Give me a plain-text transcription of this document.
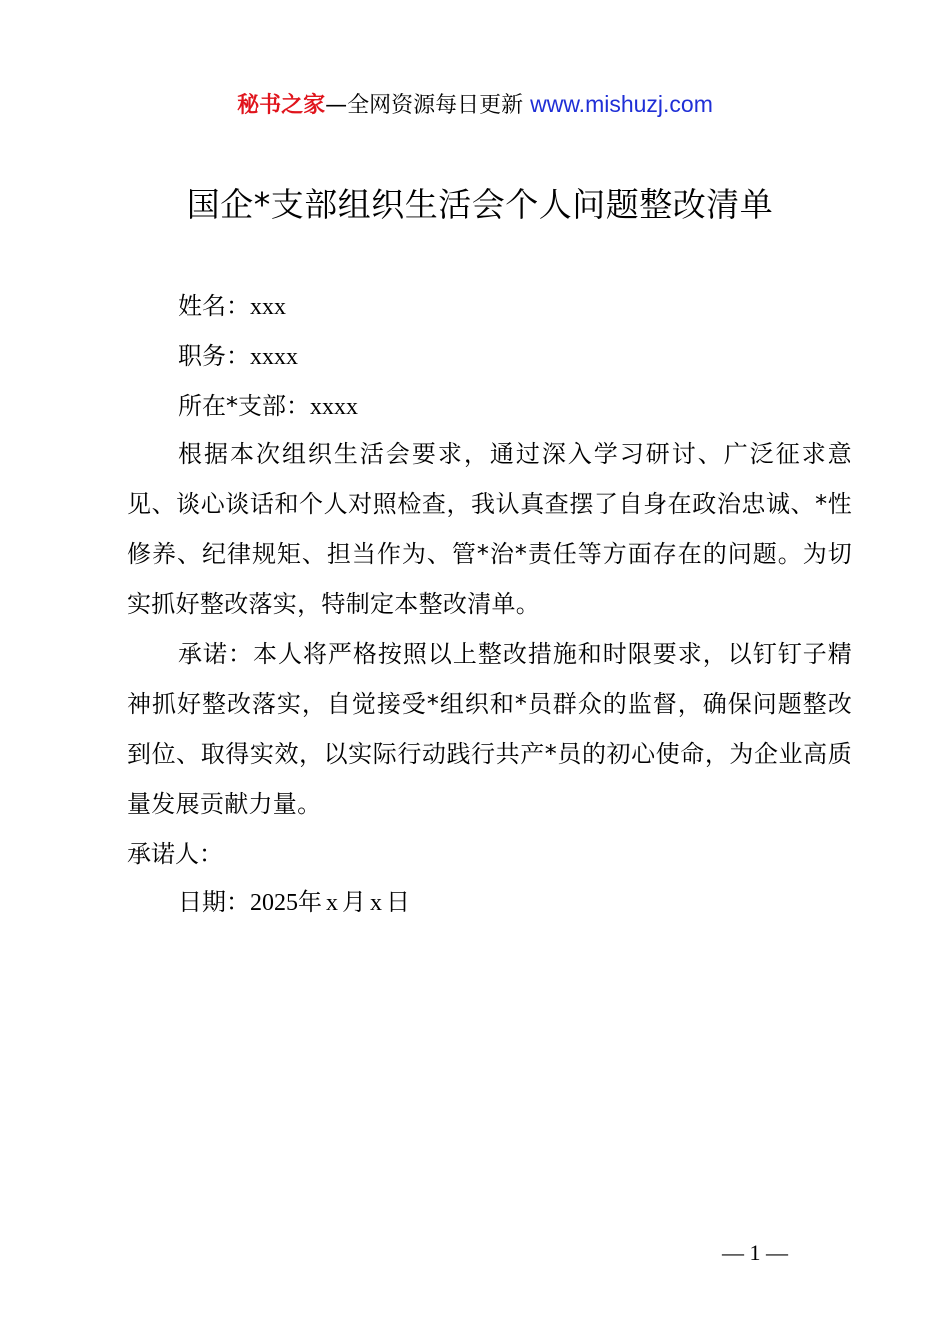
秘书之家—全网资源每日更新 www.mishuzj.com
国企*支部组织生活会个人问题整改清单
姓名：xxx
职务：xxxx
所在*支部：xxxx
根据本次组织生活会要求，通过深入学习研讨、广泛征求意见、谈心谈话和个人对照检查，我认真查摆了自身在政治忠诚、*性修养、纪律规矩、担当作为、管*治*责任等方面存在的问题。为切实抓好整改落实，特制定本整改清单。
承诺：本人将严格按照以上整改措施和时限要求，以钉钉子精神抓好整改落实，自觉接受*组织和*员群众的监督，确保问题整改到位、取得实效，以实际行动践行共产*员的初心使命，为企业高质量发展贡献力量。
承诺人：
日期：2025年 x 月 x 日
— 1 —
